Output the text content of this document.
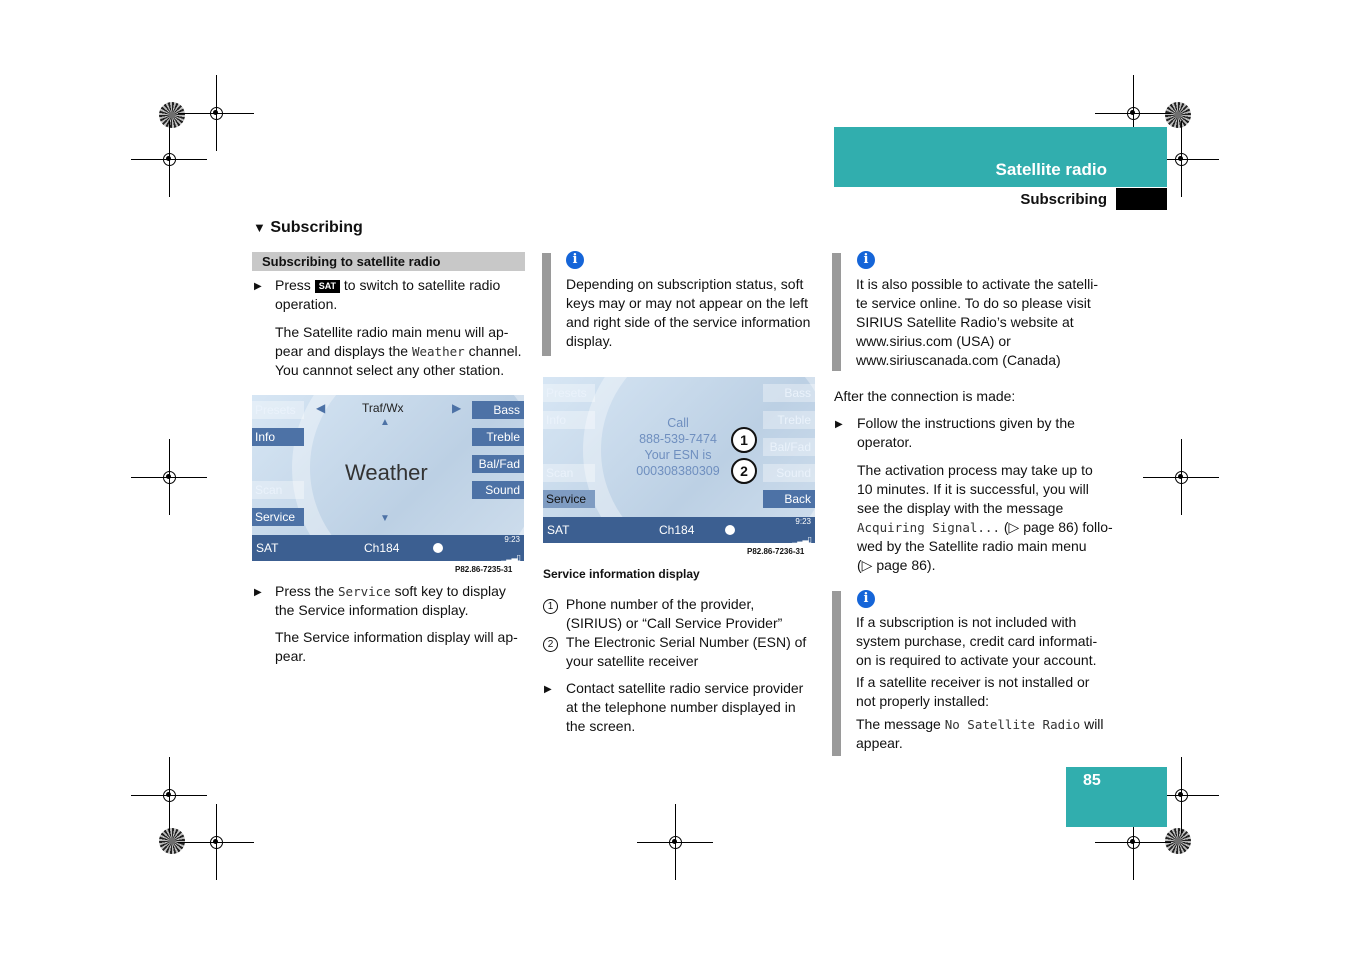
Satellite radio
Subscribing
▼ Subscribing
Subscribing to satellite radio
▶ Press SAT to switch to satellite radio
operation.
The Satellite radio main menu will ap-
pear and displays the Weather channel.
You cannnot select any other station.
Presets
Info
Scan
Service
Bass
Treble
Bal/Fad
Sound
◀	▶
Traf/Wx
▲
Weather
▼
SAT	Ch184
9:23
▁▂▃▯
P82.86-7235-31
▶ Press the Service soft key to display
the Service information display.
The Service information display will ap-
pear.
i
Depending on subscription status, soft
keys may or may not appear on the left
and right side of the service information
display.
Presets
Info
Scan
Service
Bass
Treble
Bal/Fad
Sound
Back
Call
888-539-7474
Your ESN is
000308380309
1
2
SAT	Ch184
9:23
▁▂▃▯
P82.86-7236-31
Service information display
1 Phone number of the provider,
(SIRIUS) or “Call Service Provider”
2 The Electronic Serial Number (ESN) of
your satellite receiver
▶ Contact satellite radio service provider
at the telephone number displayed in
the screen.
i
It is also possible to activate the satelli-
te service online. To do so please visit
SIRIUS Satellite Radio’s website at
www.sirius.com (USA) or
www.siriuscanada.com (Canada)
After the connection is made:
▶ Follow the instructions given by the
operator.
The activation process may take up to
10 minutes. If it is successful, you will
see the display with the message
Acquiring Signal... (▷ page 86) follo-
wed by the Satellite radio main menu
(▷ page 86).
i
If a subscription is not included with
system purchase, credit card informati-
on is required to activate your account.
If a satellite receiver is not installed or
not properly installed:
The message No Satellite Radio will
appear.
85
